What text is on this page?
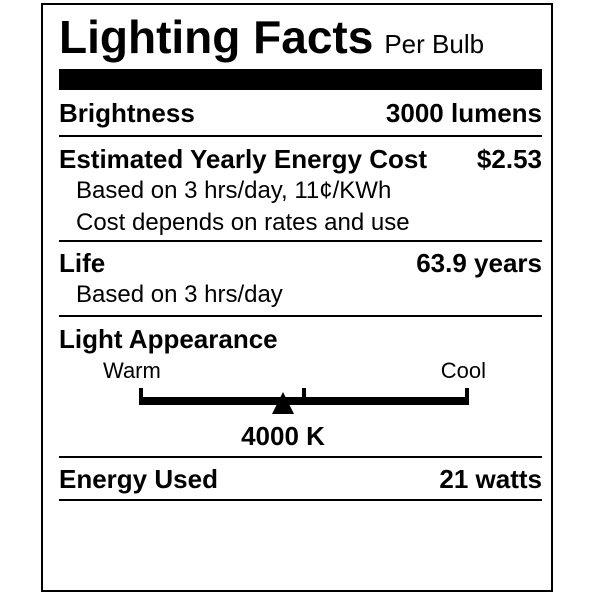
Lighting Facts Per Bulb
Brightness	3000 lumens
Estimated Yearly Energy Cost $2.53
Based on 3 hrs/day, 11¢/KWh
Cost depends on rates and use
Life	63.9 years
Based on 3 hrs/day
Light Appearance
Warm	Cool
4000 K
Energy Used	21 watts
